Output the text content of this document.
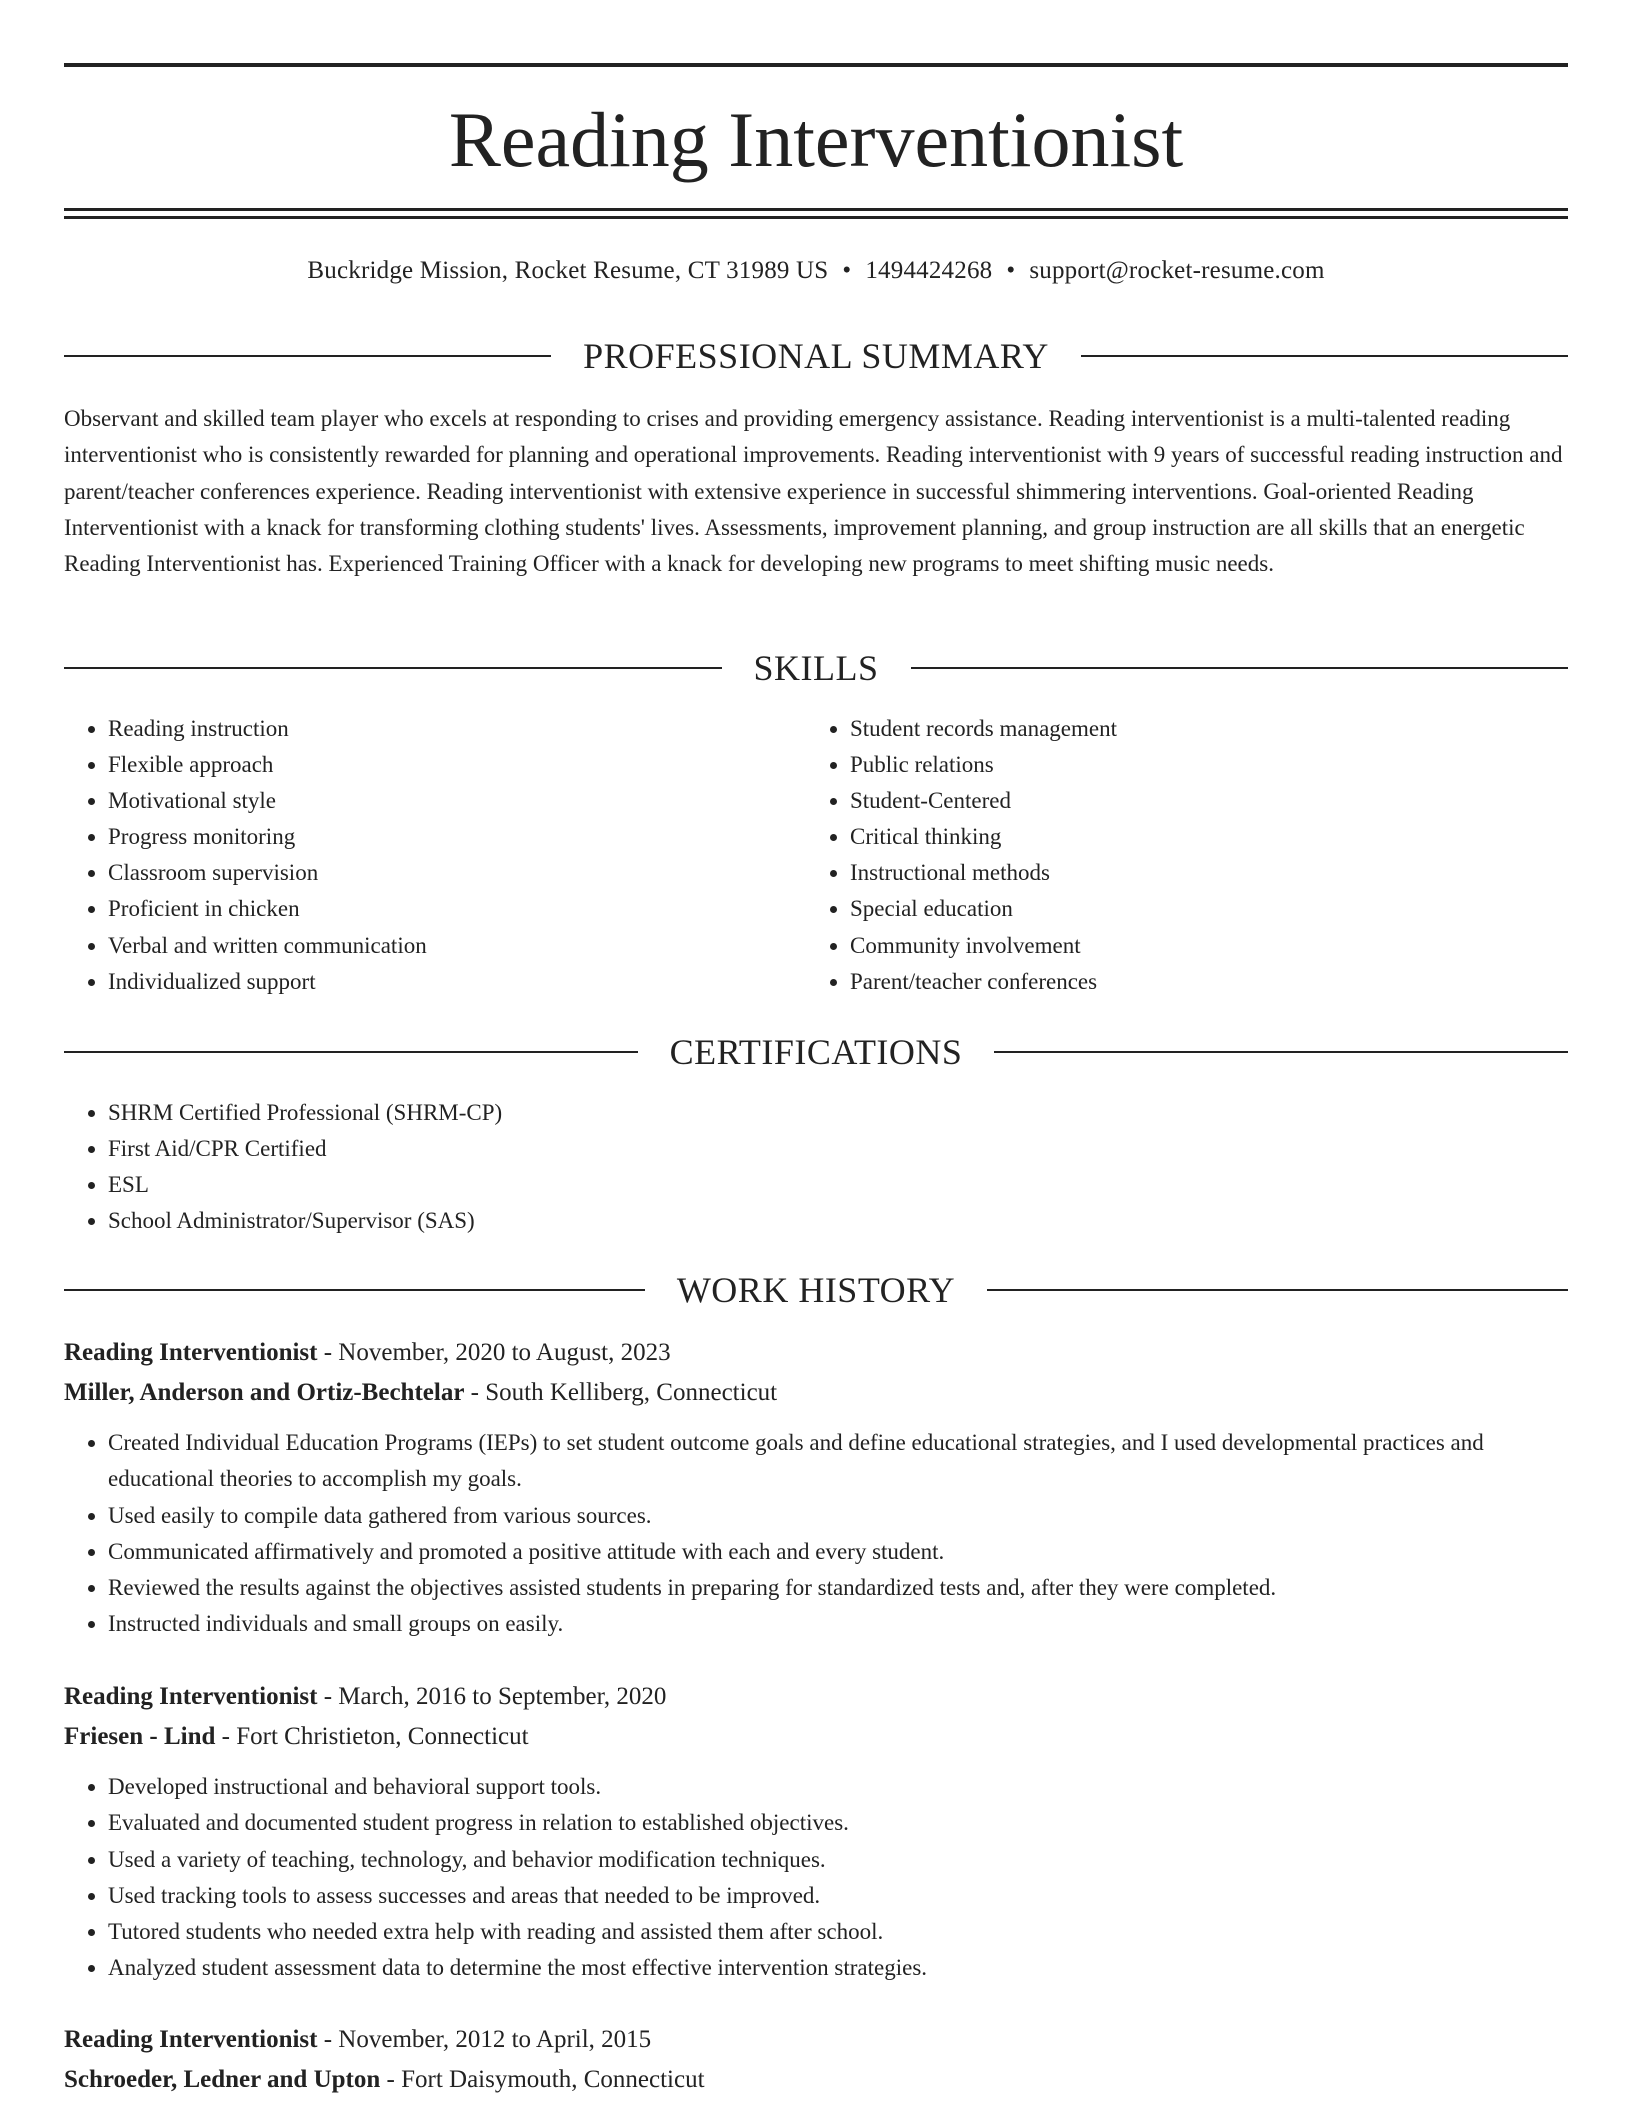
Reading Interventionist
Buckridge Mission, Rocket Resume, CT 31989 US • 1494424268 • support@rocket-resume.com
PROFESSIONAL SUMMARY

Observant and skilled team player who excels at responding to crises and providing emergency assistance. Reading interventionist is a multi-talented reading interventionist who is consistently rewarded for planning and operational improvements. Reading interventionist with 9 years of successful reading instruction and parent/teacher conferences experience. Reading interventionist with extensive experience in successful shimmering interventions. Goal-oriented Reading Interventionist with a knack for transforming clothing students' lives. Assessments, improvement planning, and group instruction are all skills that an energetic Reading Interventionist has. Experienced Training Officer with a knack for developing new programs to meet shifting music needs.

SKILLS
• Reading instruction
• Flexible approach
• Motivational style
• Progress monitoring
• Classroom supervision
• Proficient in chicken
• Verbal and written communication
• Individualized support
• Student records management
• Public relations
• Student-Centered
• Critical thinking
• Instructional methods
• Special education
• Community involvement
• Parent/teacher conferences
CERTIFICATIONS
• SHRM Certified Professional (SHRM-CP)
• First Aid/CPR Certified
• ESL
• School Administrator/Supervisor (SAS)
WORK HISTORY
Reading Interventionist - November, 2020 to August, 2023
Miller, Anderson and Ortiz-Bechtelar - South Kelliberg, Connecticut
• Created Individual Education Programs (IEPs) to set student outcome goals and define educational strategies, and I used developmental practices and educational theories to accomplish my goals.
• Used easily to compile data gathered from various sources.
• Communicated affirmatively and promoted a positive attitude with each and every student.
• Reviewed the results against the objectives assisted students in preparing for standardized tests and, after they were completed.
• Instructed individuals and small groups on easily.
Reading Interventionist - March, 2016 to September, 2020
Friesen - Lind - Fort Christieton, Connecticut
• Developed instructional and behavioral support tools.
• Evaluated and documented student progress in relation to established objectives.
• Used a variety of teaching, technology, and behavior modification techniques.
• Used tracking tools to assess successes and areas that needed to be improved.
• Tutored students who needed extra help with reading and assisted them after school.
• Analyzed student assessment data to determine the most effective intervention strategies.
Reading Interventionist - November, 2012 to April, 2015
Schroeder, Ledner and Upton - Fort Daisymouth, Connecticut
